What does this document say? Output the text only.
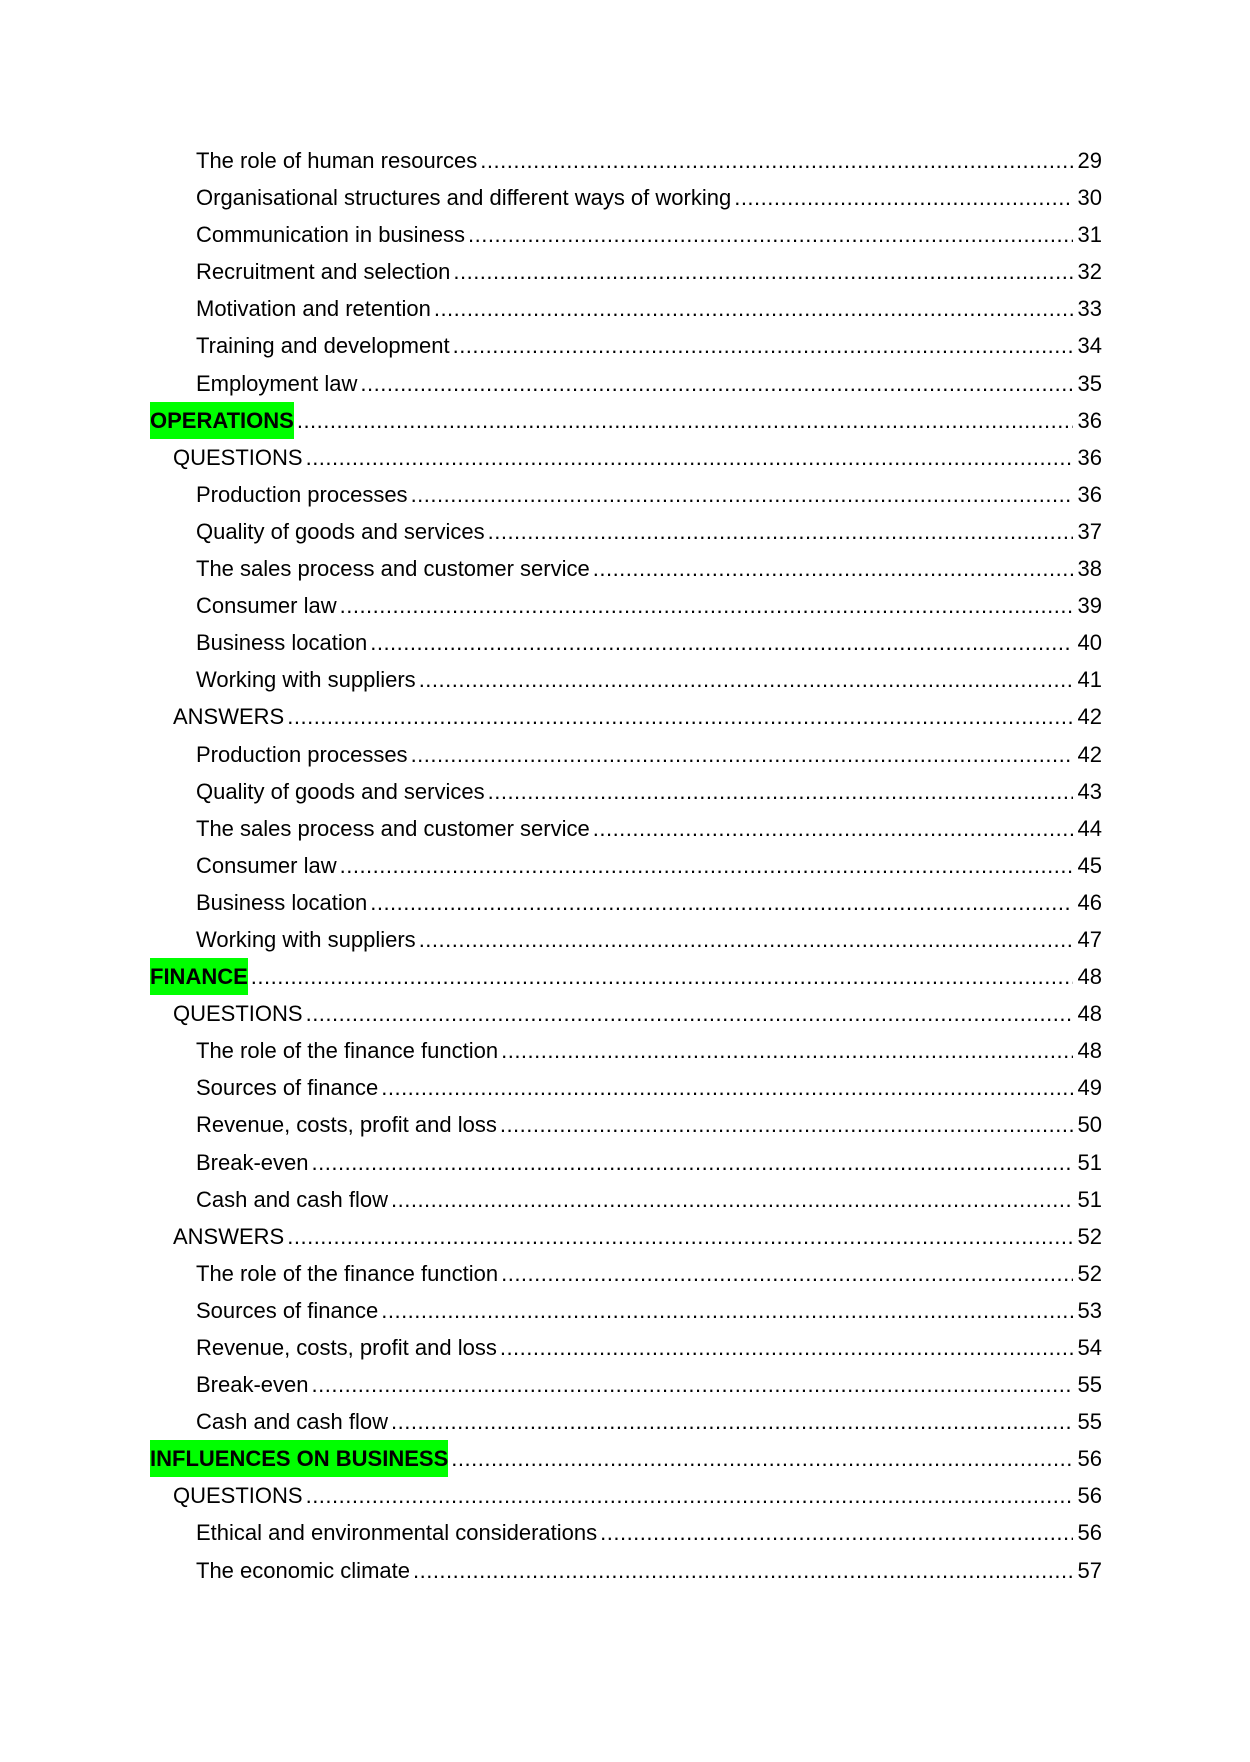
The role of human resources .....	29
Organisational structures and different ways of working .....	30
Communication in business .....	31
Recruitment and selection .....	32
Motivation and retention .....	33
Training and development .....	34
Employment law .....	35
OPERATIONS .....	36
QUESTIONS .....	36
Production processes .....	36
Quality of goods and services .....	37
The sales process and customer service .....	38
Consumer law .....	39
Business location .....	40
Working with suppliers .....	41
ANSWERS .....	42
Production processes .....	42
Quality of goods and services .....	43
The sales process and customer service .....	44
Consumer law .....	45
Business location .....	46
Working with suppliers .....	47
FINANCE .....	48
QUESTIONS .....	48
The role of the finance function .....	48
Sources of finance .....	49
Revenue, costs, profit and loss .....	50
Break-even .....	51
Cash and cash flow .....	51
ANSWERS .....	52
The role of the finance function .....	52
Sources of finance .....	53
Revenue, costs, profit and loss .....	54
Break-even .....	55
Cash and cash flow .....	55
INFLUENCES ON BUSINESS .....	56
QUESTIONS .....	56
Ethical and environmental considerations .....	56
The economic climate .....	57
